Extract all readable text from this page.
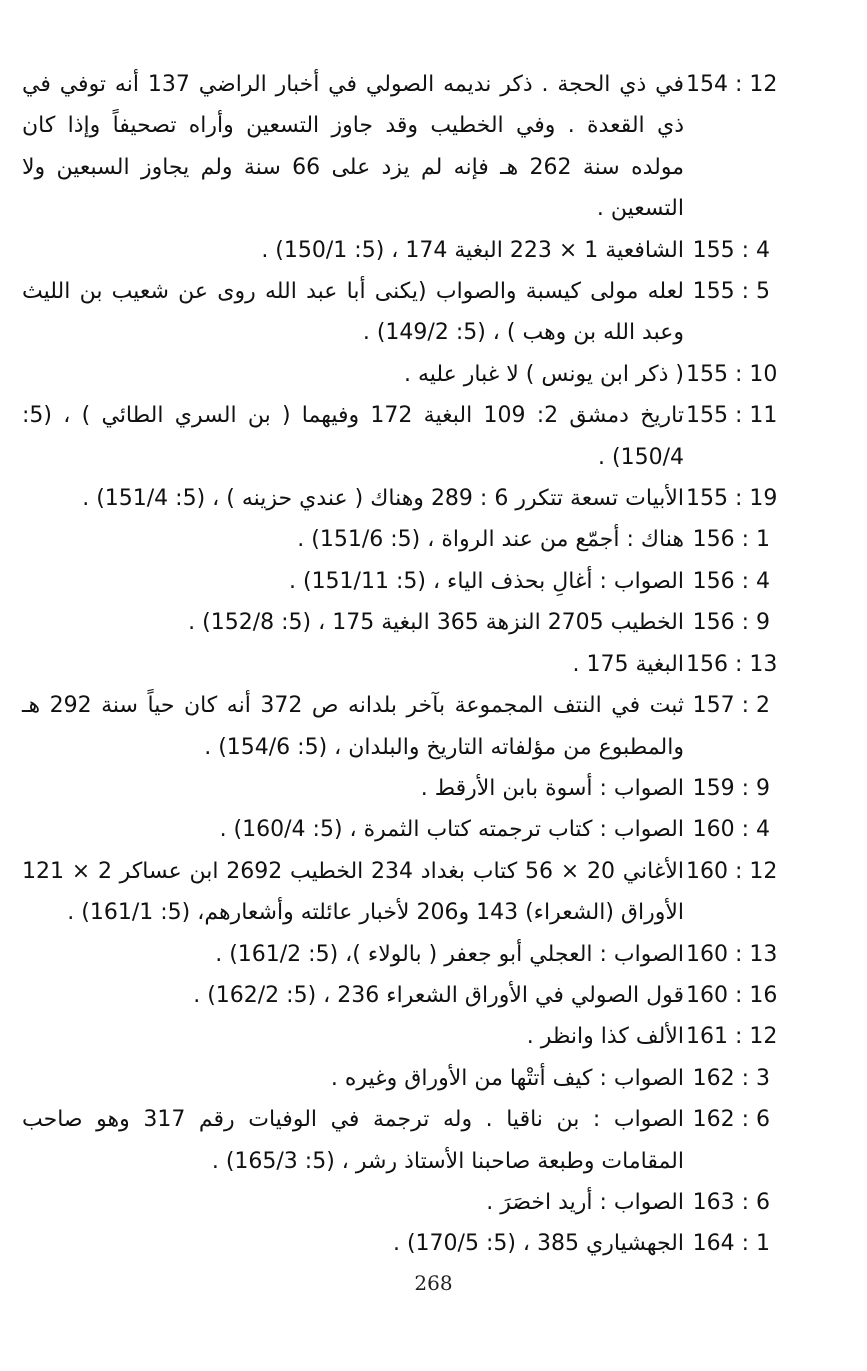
154 : 12
في ذي الحجة . ذكر نديمه الصولي في أخبار الراضي 137 أنه توفي في ذي القعدة . وفي الخطيب وقد جاوز التسعين وأراه تصحيفاً وإذا كان مولده سنة 262 هـ فإنه لم يزد على 66 سنة ولم يجاوز السبعين ولا التسعين .
155 : 4
الشافعية 1 × 223 البغية 174 ، (5: 150/1) .
155 : 5
لعله مولى كيسبة والصواب (يكنى أبا عبد الله روى عن شعيب بن الليث وعبد الله بن وهب ) ، (5: 149/2) .
155 : 10
( ذكر ابن يونس ) لا غبار عليه .
155 : 11
تاريخ دمشق 2: 109 البغية 172 وفيهما ( بن السري الطائي ) ، (5: 150/4) .
155 : 19
الأبيات تسعة تتكرر 6 : 289 وهناك ( عندي حزينه ) ، (5: 151/4) .
156 : 1
هناك : أجمّع من عند الرواة ، (5: 151/6) .
156 : 4
الصواب : أغالِ بحذف الياء ، (5: 151/11) .
156 : 9
الخطيب 2705 النزهة 365 البغية 175 ، (5: 152/8) .
156 : 13
البغية 175 .
157 : 2
ثبت في النتف المجموعة بآخر بلدانه ص 372 أنه كان حياً سنة 292 هـ والمطبوع من مؤلفاته التاريخ والبلدان ، (5: 154/6) .
159 : 9
الصواب : أسوة بابن الأرقط .
160 : 4
الصواب : كتاب ترجمته كتاب الثمرة ، (5: 160/4) .
160 : 12
الأغاني 20 × 56 كتاب بغداد 234 الخطيب 2692 ابن عساكر 2 × 121 الأوراق (الشعراء) 143 و206 لأخبار عائلته وأشعارهم، (5: 161/1) .
160 : 13
الصواب : العجلي أبو جعفر ( بالولاء )، (5: 161/2) .
160 : 16
قول الصولي في الأوراق الشعراء 236 ، (5: 162/2) .
161 : 12
الألف كذا وانظر .
162 : 3
الصواب : كيف أتتْها من الأوراق وغيره .
162 : 6
الصواب : بن ناقيا . وله ترجمة في الوفيات رقم 317 وهو صاحب المقامات وطبعة صاحبنا الأستاذ رشر ، (5: 165/3) .
163 : 6
الصواب : أريد اخصَرَ .
164 : 1
الجهشياري 385 ، (5: 170/5) .
268
